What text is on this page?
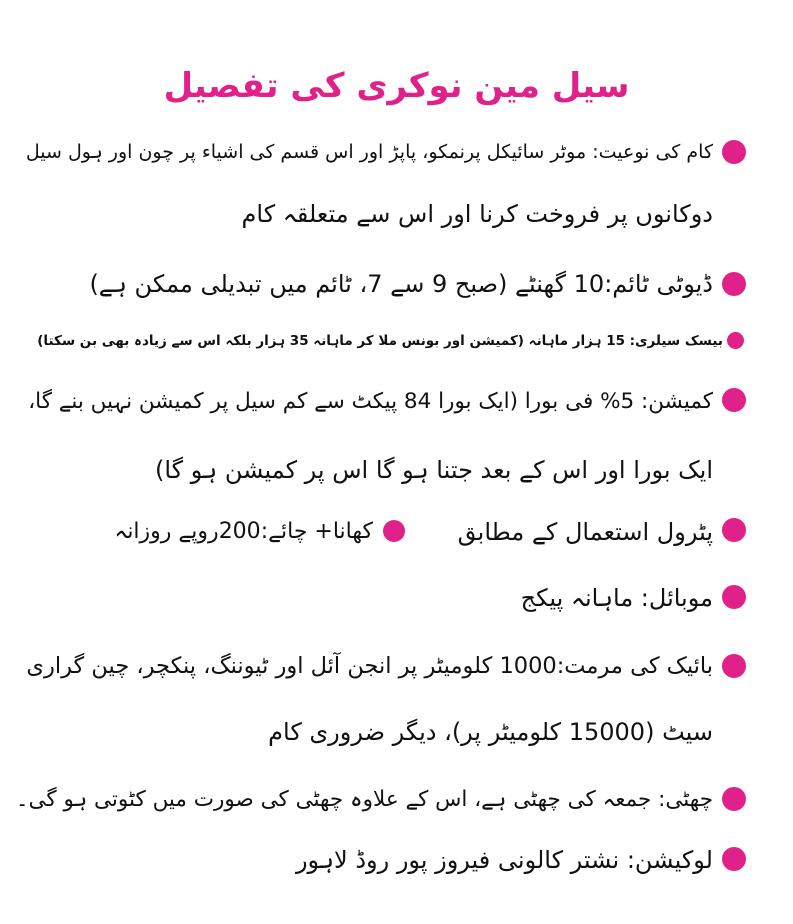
سیل مین نوکری کی تفصیل
کام کی نوعیت: موٹر سائیکل پرنمکو، پاپڑ اور اس قسم کی اشیاء پر چون اور ہول سیل
دوکانوں پر فروخت کرنا اور اس سے متعلقہ کام
ڈیوٹی ٹائم:10 گھنٹے (صبح 9 سے 7، ٹائم میں تبدیلی ممکن ہے)
بیسک سیلری: 15 ہزار ماہانہ (کمیشن اور بونس ملا کر ماہانہ 35 ہزار بلکہ اس سے زیادہ بھی بن سکتا)
کمیشن: 5% فی بورا (ایک بورا 84 پیکٹ سے کم سیل پر کمیشن نہیں بنے گا،
ایک بورا اور اس کے بعد جتنا ہو گا اس پر کمیشن ہو گا)
پٹرول استعمال کے مطابق
کھانا+ چائے:200روپے روزانہ
موبائل: ماہانہ پیکج
بائیک کی مرمت:1000 کلومیٹر پر انجن آئل اور ٹیوننگ، پنکچر، چین گراری
سیٹ (15000 کلومیٹر پر)، دیگر ضروری کام
چھٹی: جمعہ کی چھٹی ہے، اس کے علاوہ چھٹی کی صورت میں کٹوتی ہو گی۔
لوکیشن: نشتر کالونی فیروز پور روڈ لاہور
